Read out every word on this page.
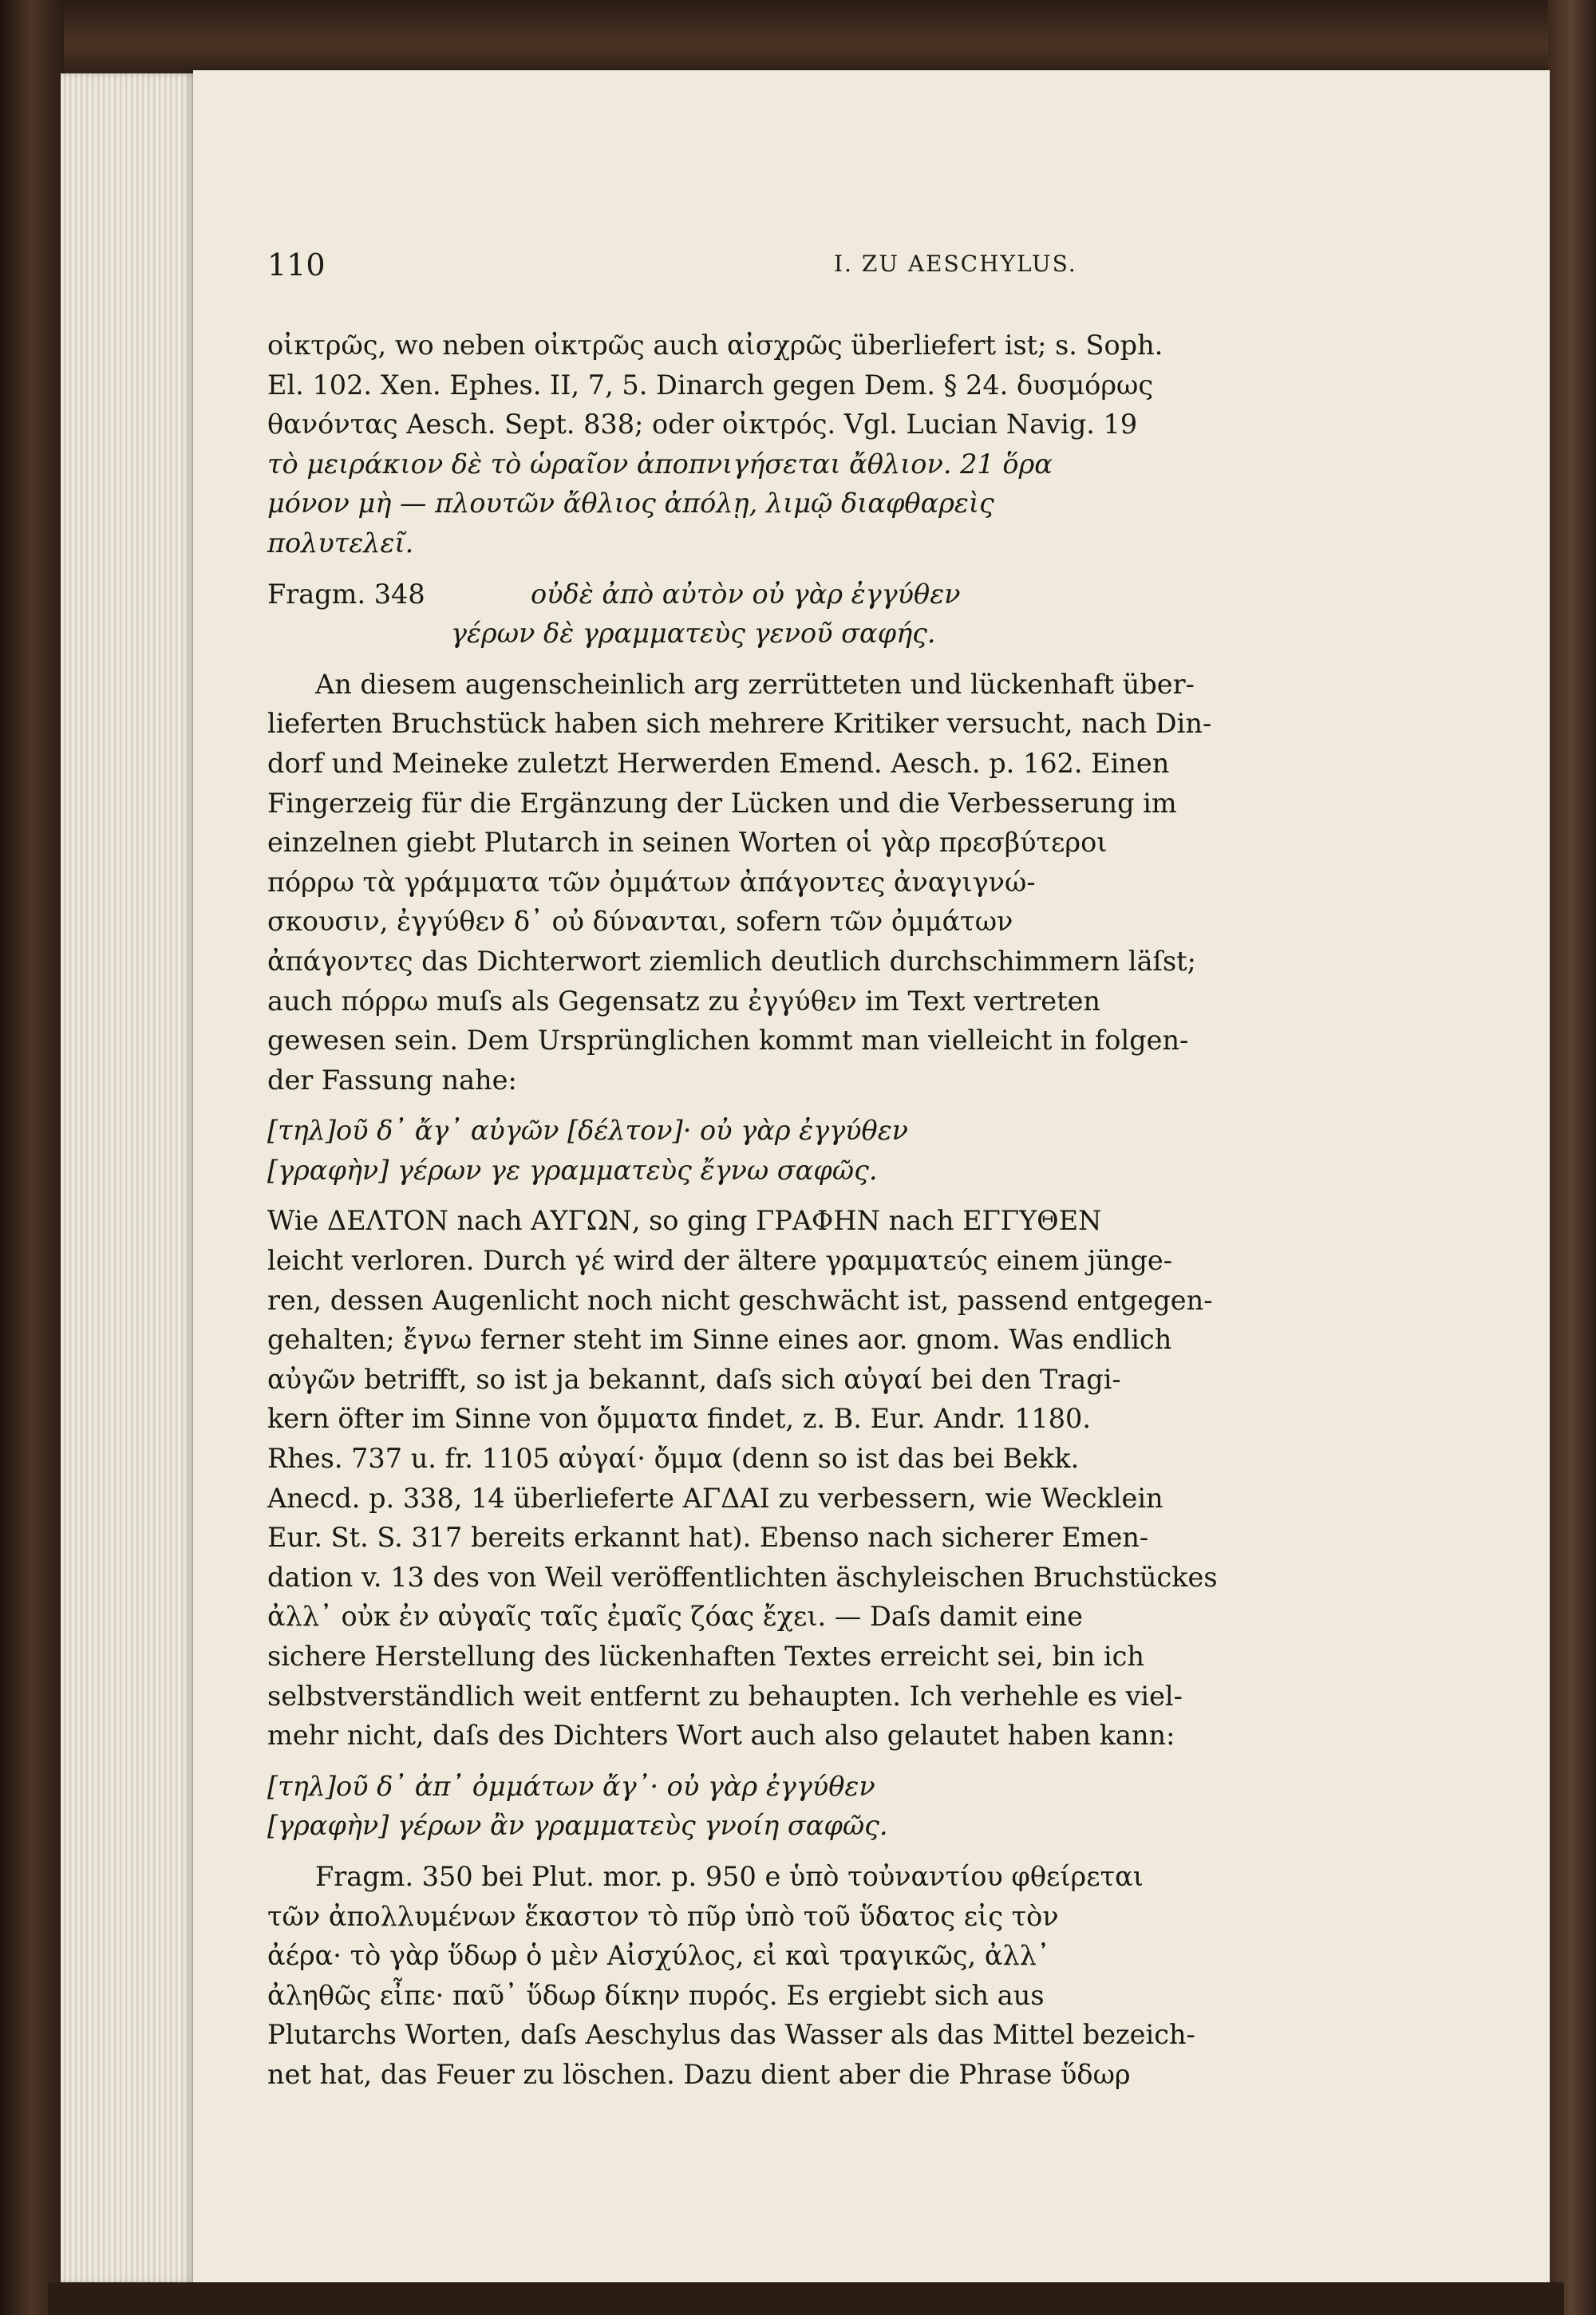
110	I. ZU AESCHYLUS.

οἰκτρῶς, wo neben οἰκτρῶς auch αἰσχρῶς überliefert ist; s. Soph.

El. 102. Xen. Ephes. II, 7, 5. Dinarch gegen Dem. § 24. δυσμόρως

θανόντας Aesch. Sept. 838; oder οἰκτρός. Vgl. Lucian Navig. 19

τὸ μειράκιον δὲ τὸ ὡραῖον ἀποπνιγήσεται ἄθλιον. 21 ὅρα

μόνον μὴ — πλουτῶν ἄθλιος ἀπόλῃ, λιμῷ διαφθαρεὶς

πολυτελεῖ.

Fragm. 348	οὐδὲ ἀπὸ αὐτὸν οὐ γὰρ ἐγγύθεν
γέρων δὲ γραμματεὺς γενοῦ σαφής.

An diesem augenscheinlich arg zerrütteten und lückenhaft über-

lieferten Bruchstück haben sich mehrere Kritiker versucht, nach Din-

dorf und Meineke zuletzt Herwerden Emend. Aesch. p. 162. Einen

Fingerzeig für die Ergänzung der Lücken und die Verbesserung im

einzelnen giebt Plutarch in seinen Worten οἱ γὰρ πρεσβύτεροι

πόρρω τὰ γράμματα τῶν ὀμμάτων ἀπάγοντες ἀναγιγνώ-

σκουσιν, ἐγγύθεν δ᾽ οὐ δύνανται, sofern τῶν ὀμμάτων

ἀπάγοντες das Dichterwort ziemlich deutlich durchschimmern läſst;

auch πόρρω muſs als Gegensatz zu ἐγγύθεν im Text vertreten

gewesen sein. Dem Ursprünglichen kommt man vielleicht in folgen-

der Fassung nahe:

[τηλ]οῦ δ᾽ ἄγ᾽ αὐγῶν [δέλτον]· οὐ γὰρ ἐγγύθεν

[γραφὴν] γέρων γε γραμματεὺς ἔγνω σαφῶς.

Wie ΔΕΛΤΟΝ nach ΑΥΓΩΝ, so ging ΓΡΑΦΗΝ nach ΕΓΓΥΘΕΝ

leicht verloren. Durch γέ wird der ältere γραμματεύς einem jünge-

ren, dessen Augenlicht noch nicht geschwächt ist, passend entgegen-

gehalten; ἔγνω ferner steht im Sinne eines aor. gnom. Was endlich

αὐγῶν betrifft, so ist ja bekannt, daſs sich αὐγαί bei den Tragi-

kern öfter im Sinne von ὄμματα findet, z. B. Eur. Andr. 1180.

Rhes. 737 u. fr. 1105 αὐγαί· ὄμμα (denn so ist das bei Bekk.

Anecd. p. 338, 14 überlieferte ΑΓΔΑΙ zu verbessern, wie Wecklein

Eur. St. S. 317 bereits erkannt hat). Ebenso nach sicherer Emen-

dation v. 13 des von Weil veröffentlichten äschyleischen Bruchstückes

ἀλλ᾽ οὐκ ἐν αὐγαῖς ταῖς ἐμαῖς ζόας ἔχει. — Daſs damit eine

sichere Herstellung des lückenhaften Textes erreicht sei, bin ich

selbstverständlich weit entfernt zu behaupten. Ich verhehle es viel-

mehr nicht, daſs des Dichters Wort auch also gelautet haben kann:

[τηλ]οῦ δ᾽ ἀπ᾽ ὀμμάτων ἄγ᾽· οὐ γὰρ ἐγγύθεν

[γραφὴν] γέρων ἂν γραμματεὺς γνοίη σαφῶς.

Fragm. 350 bei Plut. mor. p. 950 e ὑπὸ τοὐναντίου φθείρεται

τῶν ἀπολλυμένων ἕκαστον τὸ πῦρ ὑπὸ τοῦ ὕδατος εἰς τὸν

ἀέρα· τὸ γὰρ ὕδωρ ὁ μὲν Αἰσχύλος, εἰ καὶ τραγικῶς, ἀλλ᾽

ἀληθῶς εἶπε· παῦ᾽ ὕδωρ δίκην πυρός. Es ergiebt sich aus

Plutarchs Worten, daſs Aeschylus das Wasser als das Mittel bezeich-

net hat, das Feuer zu löschen. Dazu dient aber die Phrase ὕδωρ
